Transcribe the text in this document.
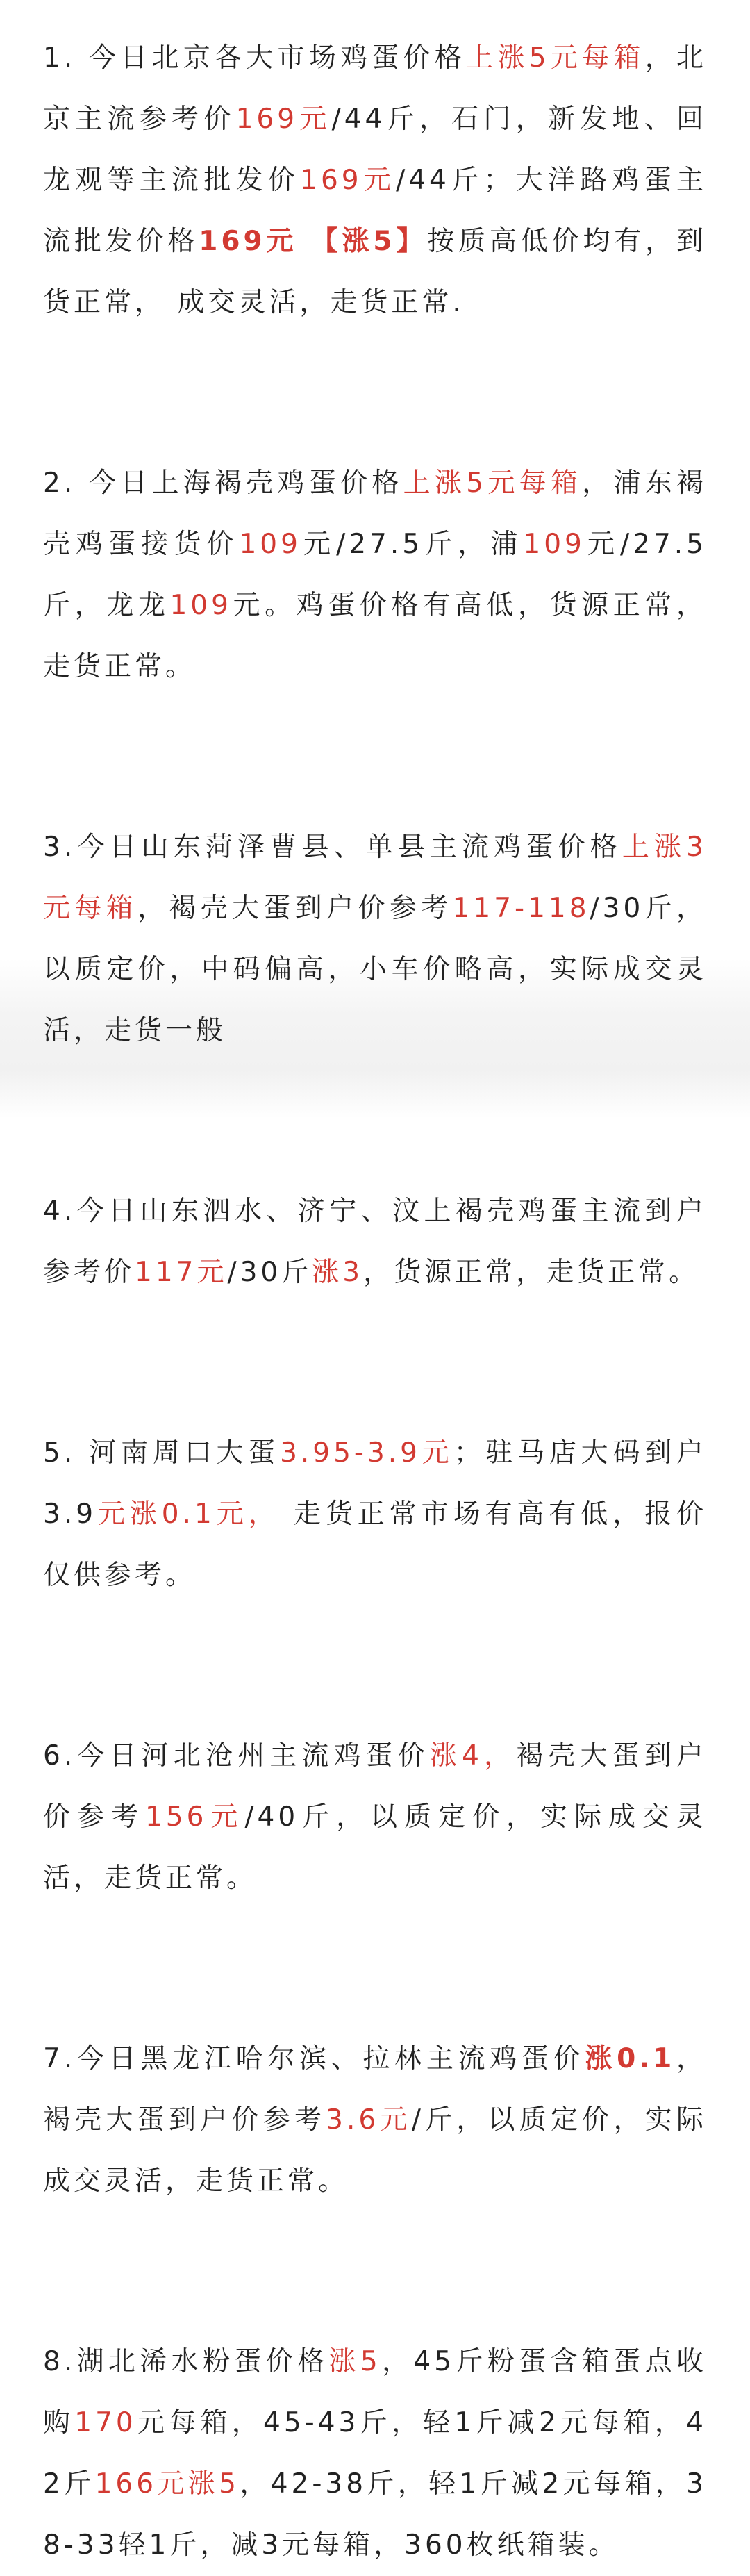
1. 今日北京各大市场鸡蛋价格上涨5元每箱，北京主流参考价169元/44斤，石门，新发地、回龙观等主流批发价169元/44斤；大洋路鸡蛋主流批发价格169元 【涨5】按质高低价均有，到货正常， 成交灵活，走货正常.

2. 今日上海褐壳鸡蛋价格上涨5元每箱，浦东褐壳鸡蛋接货价109元/27.5斤，浦109元/27.5斤，龙龙109元。鸡蛋价格有高低，货源正常，走货正常。

3.今日山东菏泽曹县、单县主流鸡蛋价格上涨3元每箱，褐壳大蛋到户价参考117-118/30斤，以质定价，中码偏高，小车价略高，实际成交灵活，走货一般

4.今日山东泗水、济宁、汶上褐壳鸡蛋主流到户参考价117元/30斤涨3，货源正常，走货正常。

5. 河南周口大蛋3.95-3.9元；驻马店大码到户3.9元涨0.1元， 走货正常市场有高有低，报价仅供参考。

6.今日河北沧州主流鸡蛋价涨4，褐壳大蛋到户价参考156元/40斤，以质定价，实际成交灵活，走货正常。

7.今日黑龙江哈尔滨、拉林主流鸡蛋价涨0.1，褐壳大蛋到户价参考3.6元/斤，以质定价，实际成交灵活，走货正常。

8.湖北浠水粉蛋价格涨5，45斤粉蛋含箱蛋点收购170元每箱，45-43斤，轻1斤减2元每箱，42斤166元涨5，42-38斤，轻1斤减2元每箱，38-33轻1斤，减3元每箱，360枚纸箱装。
